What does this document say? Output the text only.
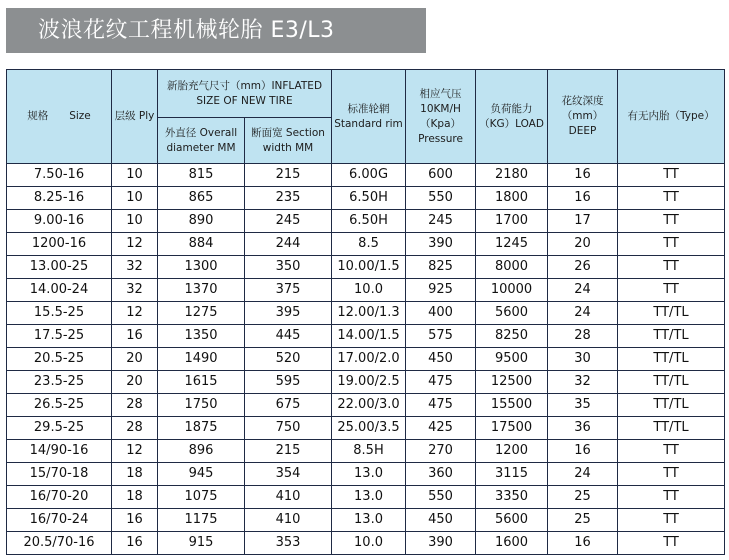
波浪花纹工程机械轮胎 E3/L3
规格　　Size	层级 Ply	新胎充气尺寸（mm）INFLATED SIZE OF NEW TIRE		标准轮辋 Standard rim	相应气压 10KM/H （Kpa） Pressure	负荷能力 （KG）LOAD	花纹深度 （mm）DEEP	有无内胎（Type）
		外直径 Overall diameter MM	断面宽 Section width MM					
7.50-16	10	815	215	6.00G	600	2180	16	TT
8.25-16	10	865	235	6.50H	550	1800	16	TT
9.00-16	10	890	245	6.50H	245	1700	17	TT
1200-16	12	884	244	8.5	390	1245	20	TT
13.00-25	32	1300	350	10.00/1.5	825	8000	26	TT
14.00-24	32	1370	375	10.0	925	10000	24	TT
15.5-25	12	1275	395	12.00/1.3	400	5600	24	TT/TL
17.5-25	16	1350	445	14.00/1.5	575	8250	28	TT/TL
20.5-25	20	1490	520	17.00/2.0	450	9500	30	TT/TL
23.5-25	20	1615	595	19.00/2.5	475	12500	32	TT/TL
26.5-25	28	1750	675	22.00/3.0	475	15500	35	TT/TL
29.5-25	28	1875	750	25.00/3.5	425	17500	36	TT/TL
14/90-16	12	896	215	8.5H	270	1200	16	TT
15/70-18	18	945	354	13.0	360	3115	24	TT
16/70-20	18	1075	410	13.0	550	3350	25	TT
16/70-24	16	1175	410	13.0	450	5600	25	TT
20.5/70-16	16	915	353	10.0	390	1600	16	TT
